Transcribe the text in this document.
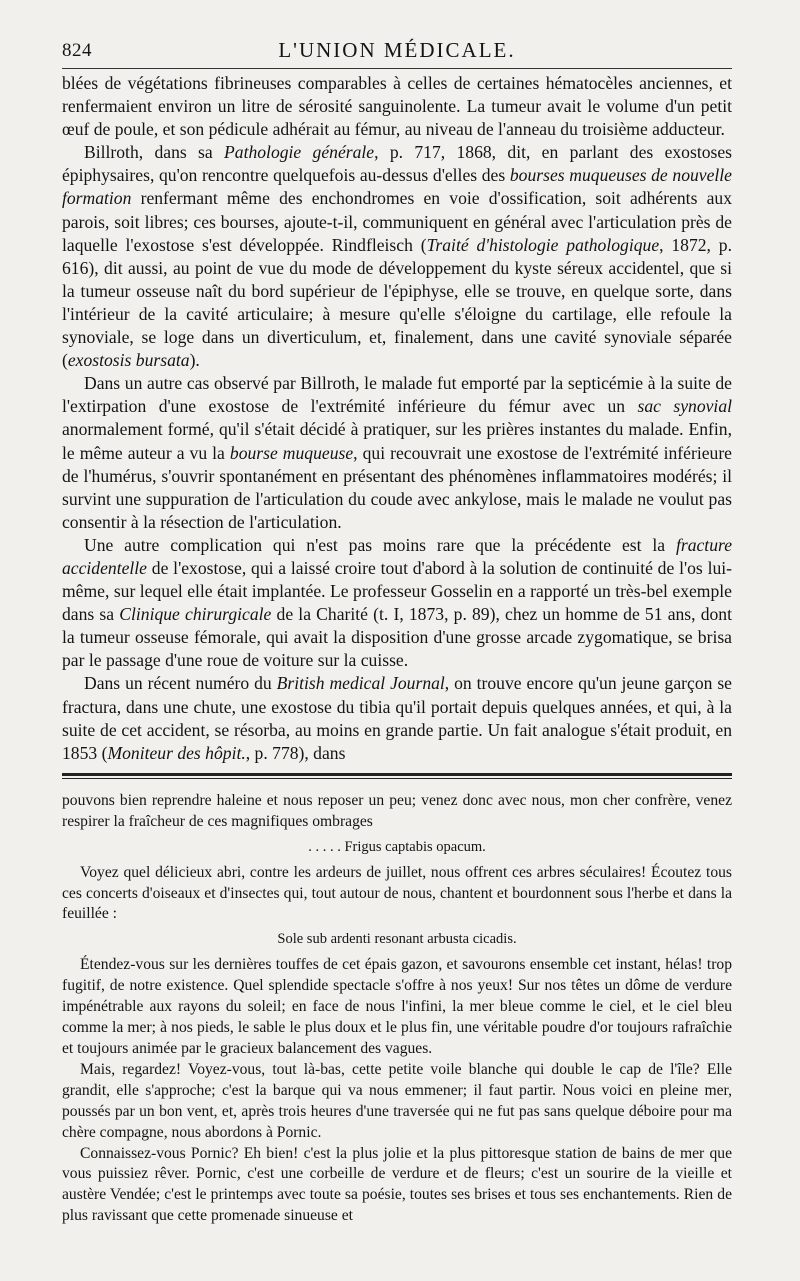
824	L'UNION MÉDICALE.

blées de végétations fibrineuses comparables à celles de certaines hématocèles anciennes, et renfermaient environ un litre de sérosité sanguinolente. La tumeur avait le volume d'un petit œuf de poule, et son pédicule adhérait au fémur, au niveau de l'anneau du troisième adducteur.

Billroth, dans sa Pathologie générale, p. 717, 1868, dit, en parlant des exostoses épiphysaires, qu'on rencontre quelquefois au-dessus d'elles des bourses muqueuses de nouvelle formation renfermant même des enchondromes en voie d'ossification, soit adhérents aux parois, soit libres; ces bourses, ajoute-t-il, communiquent en général avec l'articulation près de laquelle l'exostose s'est développée. Rindfleisch (Traité d'histologie pathologique, 1872, p. 616), dit aussi, au point de vue du mode de développement du kyste séreux accidentel, que si la tumeur osseuse naît du bord supérieur de l'épiphyse, elle se trouve, en quelque sorte, dans l'intérieur de la cavité articulaire; à mesure qu'elle s'éloigne du cartilage, elle refoule la synoviale, se loge dans un diverticulum, et, finalement, dans une cavité synoviale séparée (exostosis bursata).

Dans un autre cas observé par Billroth, le malade fut emporté par la septicémie à la suite de l'extirpation d'une exostose de l'extrémité inférieure du fémur avec un sac synovial anormalement formé, qu'il s'était décidé à pratiquer, sur les prières instantes du malade. Enfin, le même auteur a vu la bourse muqueuse, qui recouvrait une exostose de l'extrémité inférieure de l'humérus, s'ouvrir spontanément en présentant des phénomènes inflammatoires modérés; il survint une suppuration de l'articulation du coude avec ankylose, mais le malade ne voulut pas consentir à la résection de l'articulation.

Une autre complication qui n'est pas moins rare que la précédente est la fracture accidentelle de l'exostose, qui a laissé croire tout d'abord à la solution de continuité de l'os lui-même, sur lequel elle était implantée. Le professeur Gosselin en a rapporté un très-bel exemple dans sa Clinique chirurgicale de la Charité (t. I, 1873, p. 89), chez un homme de 51 ans, dont la tumeur osseuse fémorale, qui avait la disposition d'une grosse arcade zygomatique, se brisa par le passage d'une roue de voiture sur la cuisse.

Dans un récent numéro du British medical Journal, on trouve encore qu'un jeune garçon se fractura, dans une chute, une exostose du tibia qu'il portait depuis quelques années, et qui, à la suite de cet accident, se résorba, au moins en grande partie. Un fait analogue s'était produit, en 1853 (Moniteur des hôpit., p. 778), dans

pouvons bien reprendre haleine et nous reposer un peu; venez donc avec nous, mon cher confrère, venez respirer la fraîcheur de ces magnifiques ombrages

. . . . . Frigus captabis opacum.

Voyez quel délicieux abri, contre les ardeurs de juillet, nous offrent ces arbres séculaires! Écoutez tous ces concerts d'oiseaux et d'insectes qui, tout autour de nous, chantent et bourdonnent sous l'herbe et dans la feuillée :

Sole sub ardenti resonant arbusta cicadis.

Étendez-vous sur les dernières touffes de cet épais gazon, et savourons ensemble cet instant, hélas! trop fugitif, de notre existence. Quel splendide spectacle s'offre à nos yeux! Sur nos têtes un dôme de verdure impénétrable aux rayons du soleil; en face de nous l'infini, la mer bleue comme le ciel, et le ciel bleu comme la mer; à nos pieds, le sable le plus doux et le plus fin, une véritable poudre d'or toujours rafraîchie et toujours animée par le gracieux balancement des vagues.

Mais, regardez! Voyez-vous, tout là-bas, cette petite voile blanche qui double le cap de l'île? Elle grandit, elle s'approche; c'est la barque qui va nous emmener; il faut partir. Nous voici en pleine mer, poussés par un bon vent, et, après trois heures d'une traversée qui ne fut pas sans quelque déboire pour ma chère compagne, nous abordons à Pornic.

Connaissez-vous Pornic? Eh bien! c'est la plus jolie et la plus pittoresque station de bains de mer que vous puissiez rêver. Pornic, c'est une corbeille de verdure et de fleurs; c'est un sourire de la vieille et austère Vendée; c'est le printemps avec toute sa poésie, toutes ses brises et tous ses enchantements. Rien de plus ravissant que cette promenade sinueuse et
